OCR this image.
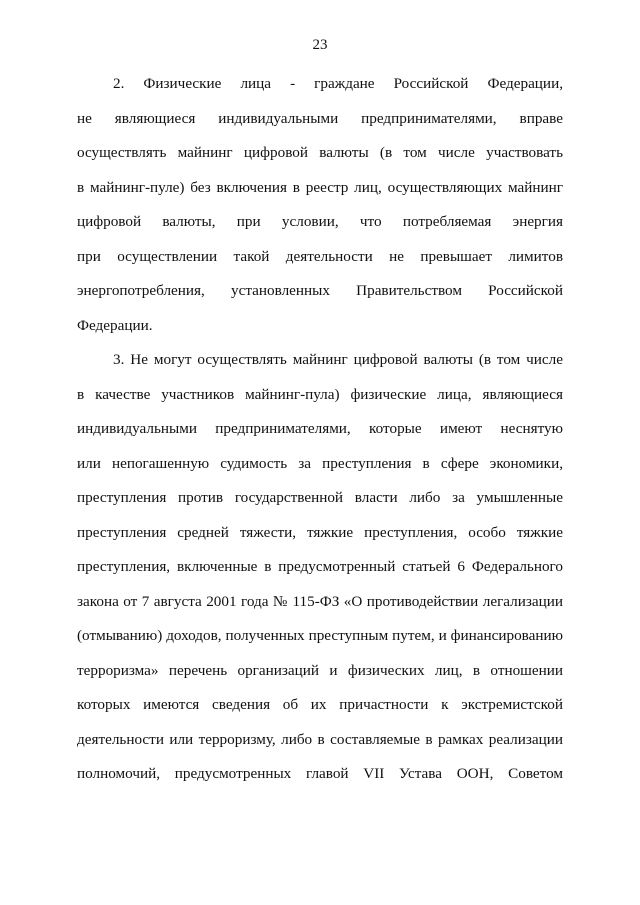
23
2. Физические лица - граждане Российской Федерации,
не являющиеся индивидуальными предпринимателями, вправе
осуществлять майнинг цифровой валюты (в том числе участвовать
в майнинг-пуле) без включения в реестр лиц, осуществляющих майнинг
цифровой валюты, при условии, что потребляемая энергия
при осуществлении такой деятельности не превышает лимитов
энергопотребления, установленных Правительством Российской
Федерации.
3. Не могут осуществлять майнинг цифровой валюты (в том числе
в качестве участников майнинг-пула) физические лица, являющиеся
индивидуальными предпринимателями, которые имеют неснятую
или непогашенную судимость за преступления в сфере экономики,
преступления против государственной власти либо за умышленные
преступления средней тяжести, тяжкие преступления, особо тяжкие
преступления, включенные в предусмотренный статьей 6 Федерального
закона от 7 августа 2001 года № 115-ФЗ «О противодействии легализации
(отмыванию) доходов, полученных преступным путем, и финансированию
терроризма» перечень организаций и физических лиц, в отношении
которых имеются сведения об их причастности к экстремистской
деятельности или терроризму, либо в составляемые в рамках реализации
полномочий, предусмотренных главой VII Устава ООН, Советом
